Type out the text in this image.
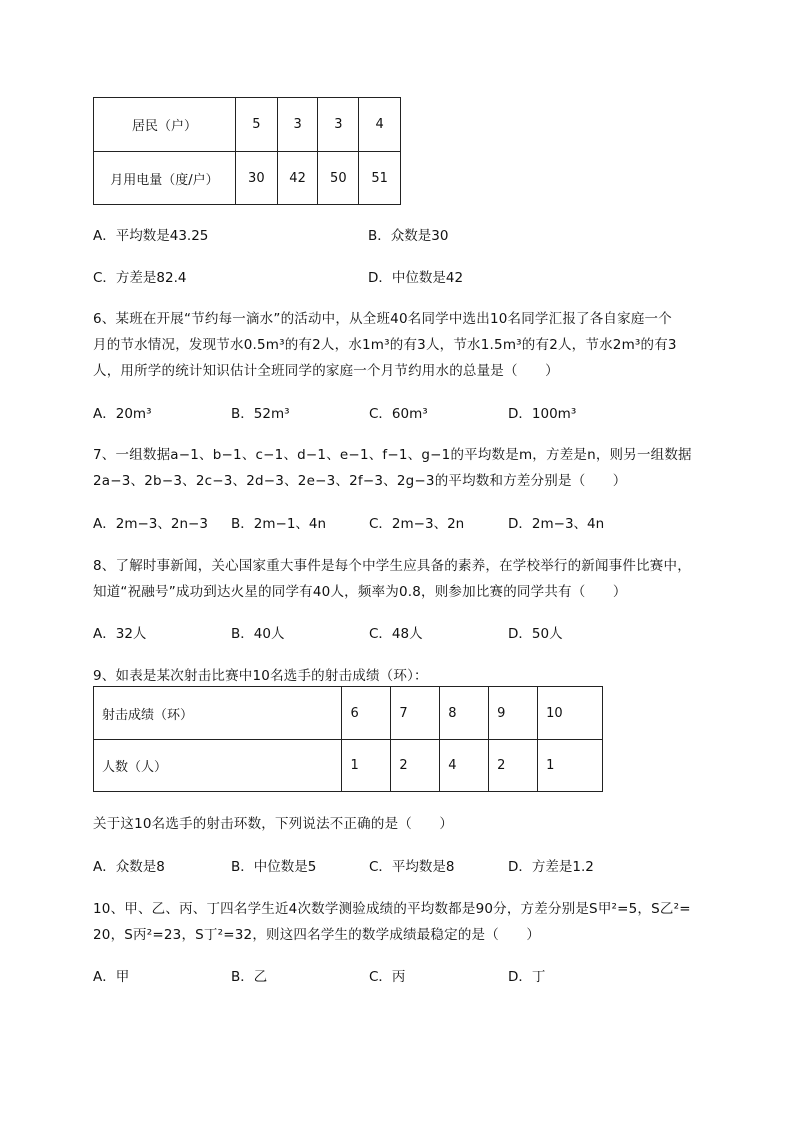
居民（户）	5	3	3	4
月用电量（度/户）	30	42	50	51
A．平均数是43.25	B．众数是30
C．方差是82.4	D．中位数是42
6、某班在开展“节约每一滴水”的活动中，从全班40名同学中选出10名同学汇报了各自家庭一个
月的节水情况，发现节水0.5m³的有2人，水1m³的有3人，节水1.5m³的有2人，节水2m³的有3
人，用所学的统计知识估计全班同学的家庭一个月节约用水的总量是（　　）
A．20m³	B．52m³	C．60m³	D．100m³
7、一组数据a−1、b−1、c−1、d−1、e−1、f−1、g−1的平均数是m，方差是n，则另一组数据
2a−3、2b−3、2c−3、2d−3、2e−3、2f−3、2g−3的平均数和方差分别是（　　）
A．2m−3、2n−3 B．2m−1、4n	C．2m−3、2n	D．2m−3、4n
8、了解时事新闻，关心国家重大事件是每个中学生应具备的素养，在学校举行的新闻事件比赛中，
知道“祝融号”成功到达火星的同学有40人，频率为0.8，则参加比赛的同学共有（　　）
A．32人	B．40人	C．48人	D．50人
9、如表是某次射击比赛中10名选手的射击成绩（环）：
射击成绩（环）	6	7	8	9	10
人数（人）	1	2	4	2	1
关于这10名选手的射击环数，下列说法不正确的是（　　）
A．众数是8	B．中位数是5	C．平均数是8	D．方差是1.2
10、甲、乙、丙、丁四名学生近4次数学测验成绩的平均数都是90分，方差分别是S甲²=5，S乙²=
20，S丙²=23，S丁²=32，则这四名学生的数学成绩最稳定的是（　　）
A．甲	B．乙	C．丙	D．丁
